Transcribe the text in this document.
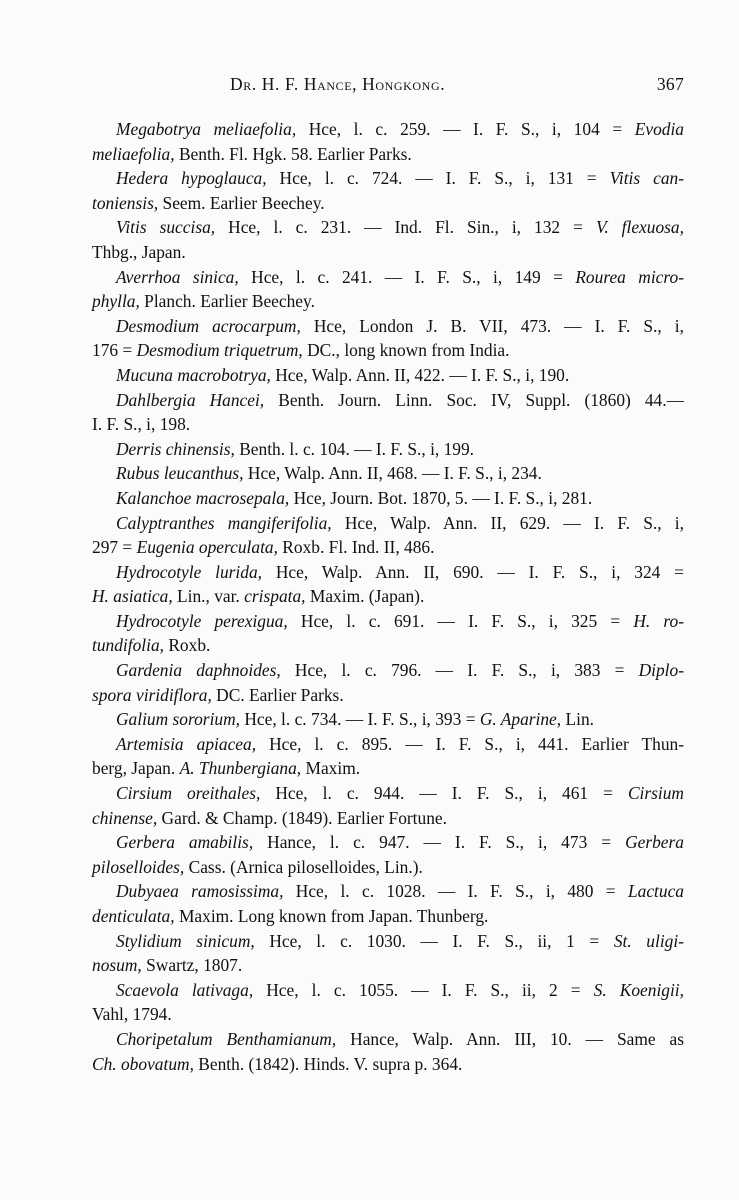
Dr. H. F. Hance, Hongkong.	367
Megabotrya meliaefolia, Hce, l. c. 259. — I. F. S., i, 104 = Evodia
meliaefolia, Benth. Fl. Hgk. 58. Earlier Parks.
Hedera hypoglauca, Hce, l. c. 724. — I. F. S., i, 131 = Vitis can-
toniensis, Seem. Earlier Beechey.
Vitis succisa, Hce, l. c. 231. — Ind. Fl. Sin., i, 132 = V. flexuosa,
Thbg., Japan.
Averrhoa sinica, Hce, l. c. 241. — I. F. S., i, 149 = Rourea micro-
phylla, Planch. Earlier Beechey.
Desmodium acrocarpum, Hce, London J. B. VII, 473. — I. F. S., i,
176 = Desmodium triquetrum, DC., long known from India.
Mucuna macrobotrya, Hce, Walp. Ann. II, 422. — I. F. S., i, 190.
Dahlbergia Hancei, Benth. Journ. Linn. Soc. IV, Suppl. (1860) 44.—
I. F. S., i, 198.
Derris chinensis, Benth. l. c. 104. — I. F. S., i, 199.
Rubus leucanthus, Hce, Walp. Ann. II, 468. — I. F. S., i, 234.
Kalanchoe macrosepala, Hce, Journ. Bot. 1870, 5. — I. F. S., i, 281.
Calyptranthes mangiferifolia, Hce, Walp. Ann. II, 629. — I. F. S., i,
297 = Eugenia operculata, Roxb. Fl. Ind. II, 486.
Hydrocotyle lurida, Hce, Walp. Ann. II, 690. — I. F. S., i, 324 =
H. asiatica, Lin., var. crispata, Maxim. (Japan).
Hydrocotyle perexigua, Hce, l. c. 691. — I. F. S., i, 325 = H. ro-
tundifolia, Roxb.
Gardenia daphnoides, Hce, l. c. 796. — I. F. S., i, 383 = Diplo-
spora viridiflora, DC. Earlier Parks.
Galium sororium, Hce, l. c. 734. — I. F. S., i, 393 = G. Aparine, Lin.
Artemisia apiacea, Hce, l. c. 895. — I. F. S., i, 441. Earlier Thun-
berg, Japan. A. Thunbergiana, Maxim.
Cirsium oreithales, Hce, l. c. 944. — I. F. S., i, 461 = Cirsium
chinense, Gard. & Champ. (1849). Earlier Fortune.
Gerbera amabilis, Hance, l. c. 947. — I. F. S., i, 473 = Gerbera
piloselloides, Cass. (Arnica piloselloides, Lin.).
Dubyaea ramosissima, Hce, l. c. 1028. — I. F. S., i, 480 = Lactuca
denticulata, Maxim. Long known from Japan. Thunberg.
Stylidium sinicum, Hce, l. c. 1030. — I. F. S., ii, 1 = St. uligi-
nosum, Swartz, 1807.
Scaevola lativaga, Hce, l. c. 1055. — I. F. S., ii, 2 = S. Koenigii,
Vahl, 1794.
Choripetalum Benthamianum, Hance, Walp. Ann. III, 10. — Same as
Ch. obovatum, Benth. (1842). Hinds. V. supra p. 364.
